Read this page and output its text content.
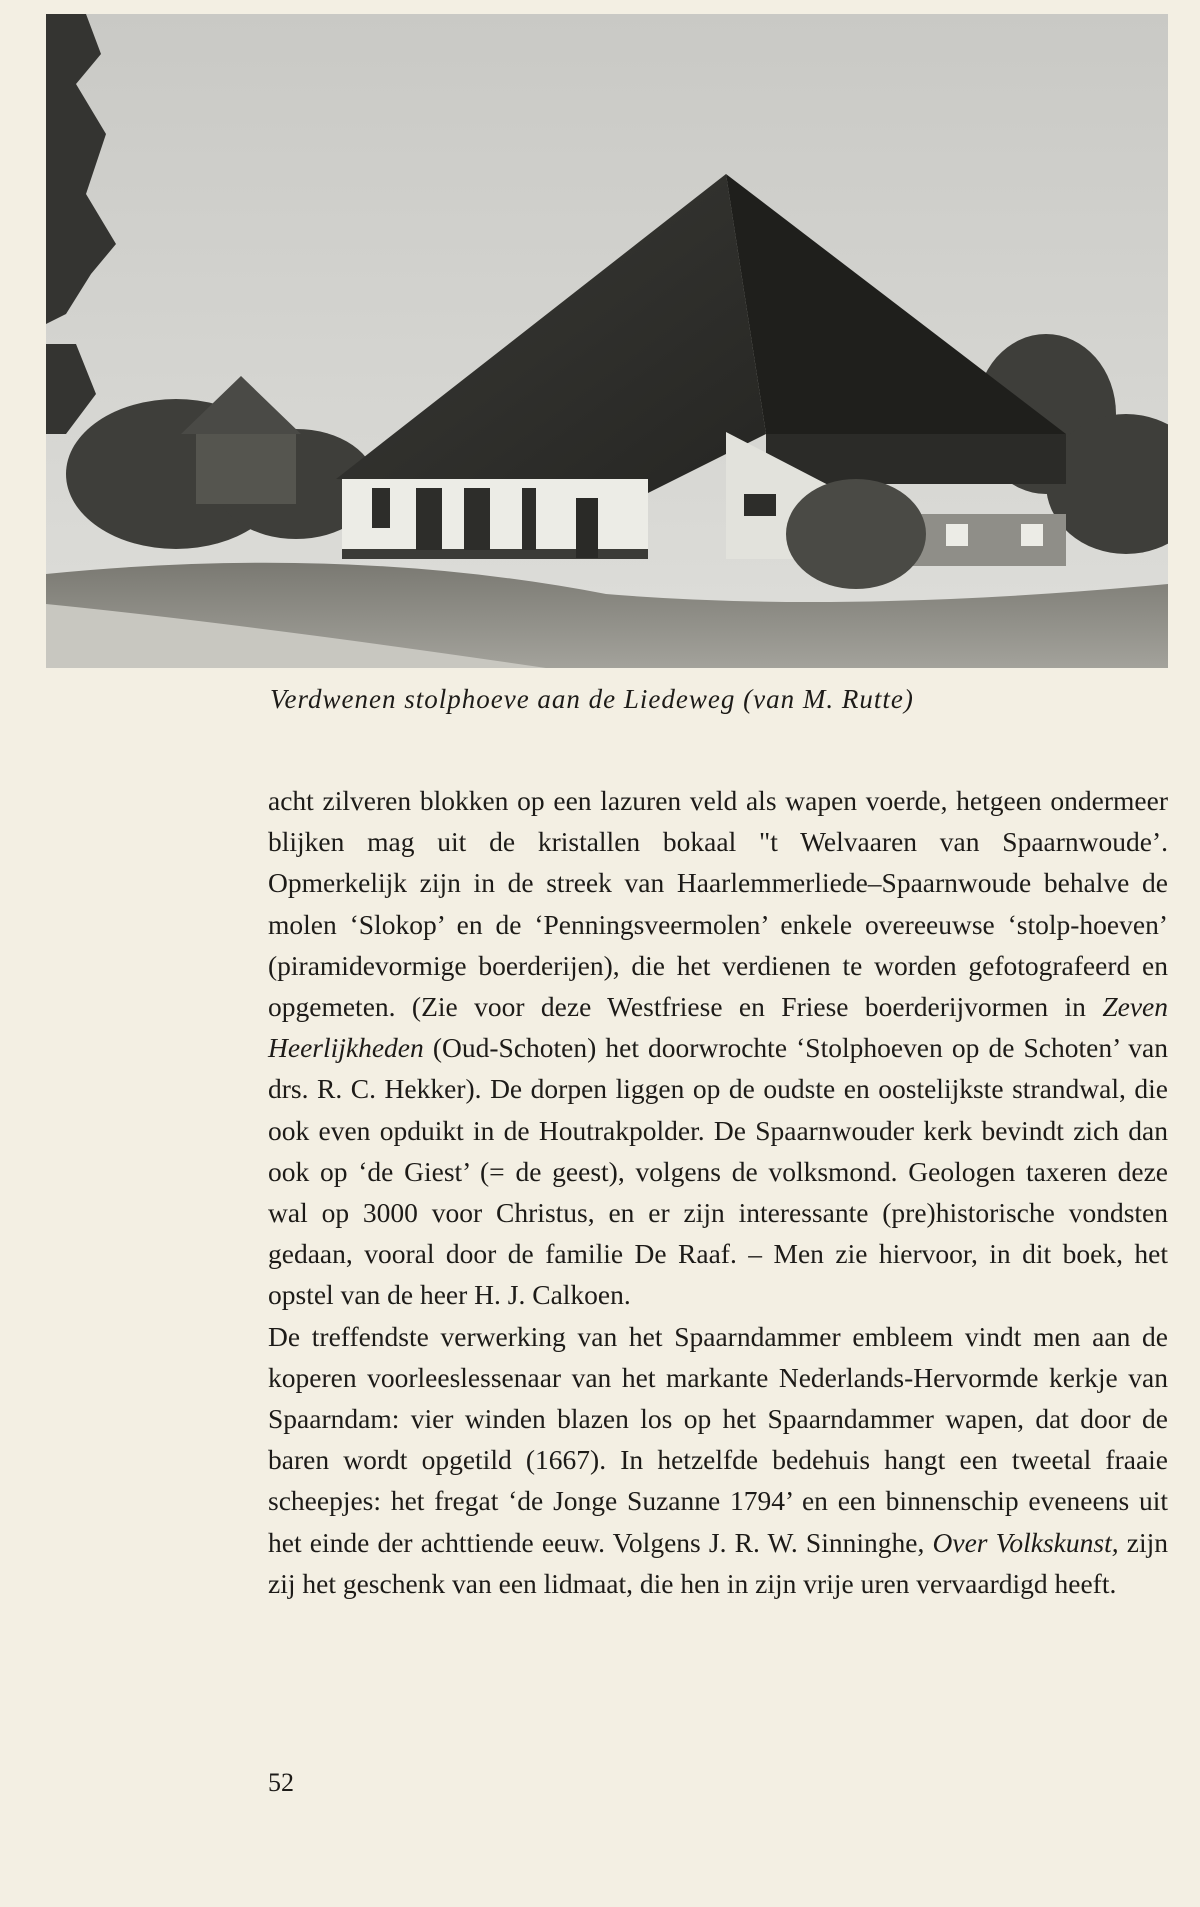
Verdwenen stolphoeve aan de Liedeweg (van M. Rutte)

acht zilveren blokken op een lazuren veld als wapen voerde, hetgeen ondermeer blijken mag uit de kristallen bokaal "t Welvaaren van Spaarnwoude’. Opmerkelijk zijn in de streek van Haarlemmerliede–Spaarnwoude behalve de molen ‘Slokop’ en de ‘Penningsveermolen’ enkele overeeuwse ‘stolp-hoeven’ (piramidevormige boerderijen), die het verdienen te worden gefotografeerd en opgemeten. (Zie voor deze Westfriese en Friese boerderijvormen in Zeven Heerlijkheden (Oud-Schoten) het doorwrochte ‘Stolphoeven op de Schoten’ van drs. R. C. Hekker). De dorpen liggen op de oudste en oostelijkste strandwal, die ook even opduikt in de Houtrakpolder. De Spaarnwouder kerk bevindt zich dan ook op ‘de Giest’ (= de geest), volgens de volksmond. Geologen taxeren deze wal op 3000 voor Christus, en er zijn interessante (pre)historische vondsten gedaan, vooral door de familie De Raaf. – Men zie hiervoor, in dit boek, het opstel van de heer H. J. Calkoen.

De treffendste verwerking van het Spaarndammer embleem vindt men aan de koperen voorleeslessenaar van het markante Nederlands-Hervormde kerkje van Spaarndam: vier winden blazen los op het Spaarndammer wapen, dat door de baren wordt opgetild (1667). In hetzelfde bedehuis hangt een tweetal fraaie scheepjes: het fregat ‘de Jonge Suzanne 1794’ en een binnenschip eveneens uit het einde der achttiende eeuw. Volgens J. R. W. Sinninghe, Over Volkskunst, zijn zij het geschenk van een lidmaat, die hen in zijn vrije uren vervaardigd heeft.

52
